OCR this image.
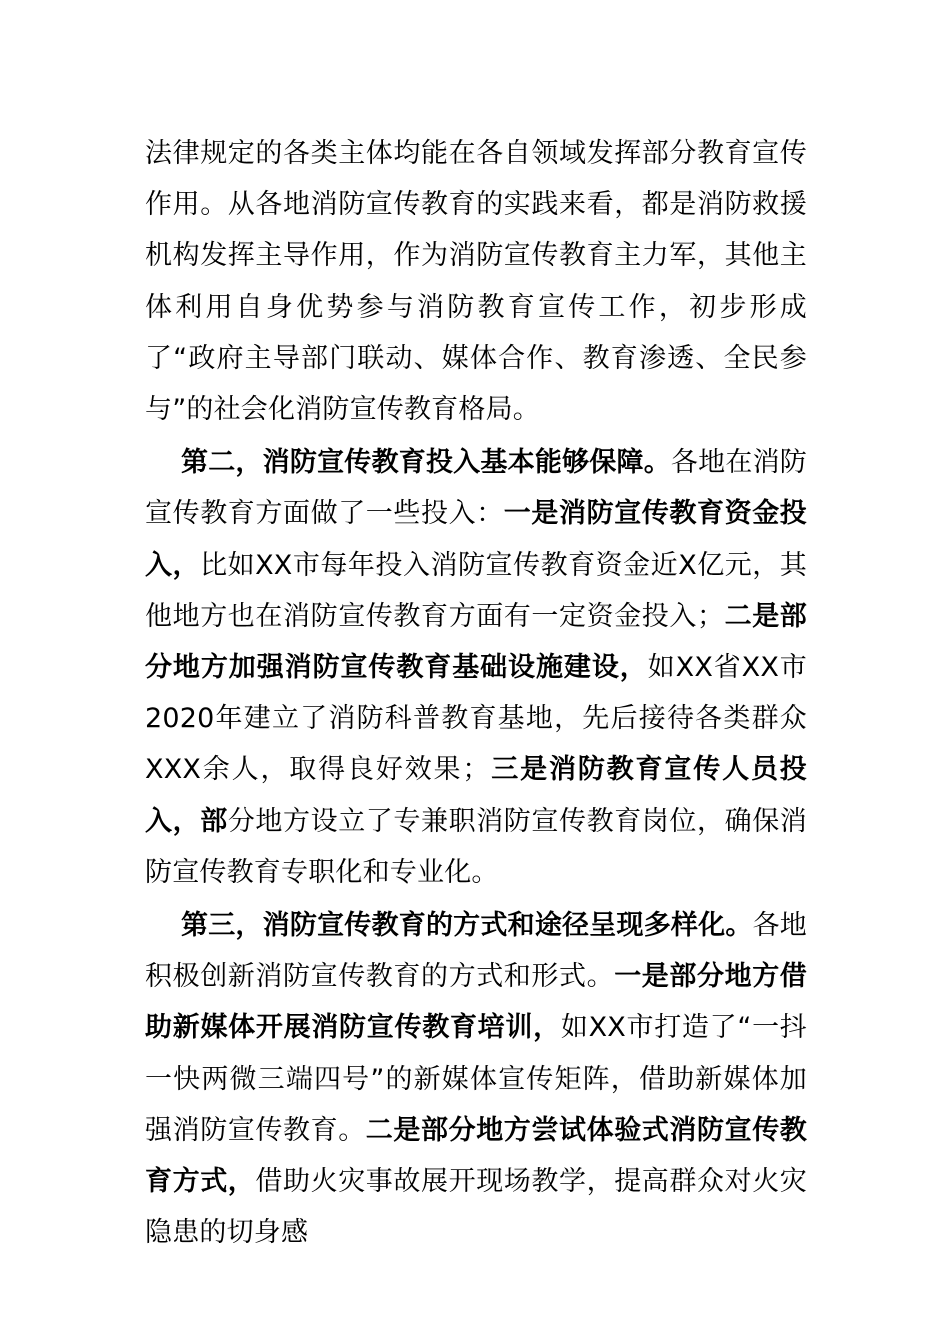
法律规定的各类主体均能在各自领域发挥部分教育宣传作用。从各地消防宣传教育的实践来看，都是消防救援机构发挥主导作用，作为消防宣传教育主力军，其他主体利用自身优势参与消防教育宣传工作，初步形成了“政府主导部门联动、媒体合作、教育渗透、全民参与”的社会化消防宣传教育格局。

第二，消防宣传教育投入基本能够保障。各地在消防宣传教育方面做了一些投入：一是消防宣传教育资金投入，比如XX市每年投入消防宣传教育资金近X亿元，其他地方也在消防宣传教育方面有一定资金投入；二是部分地方加强消防宣传教育基础设施建设，如XX省XX市2020年建立了消防科普教育基地，先后接待各类群众XXX余人，取得良好效果；三是消防教育宣传人员投入，部分地方设立了专兼职消防宣传教育岗位，确保消防宣传教育专职化和专业化。

第三，消防宣传教育的方式和途径呈现多样化。各地积极创新消防宣传教育的方式和形式。一是部分地方借助新媒体开展消防宣传教育培训，如XX市打造了“一抖一快两微三端四号”的新媒体宣传矩阵，借助新媒体加强消防宣传教育。二是部分地方尝试体验式消防宣传教育方式，借助火灾事故展开现场教学，提高群众对火灾隐患的切身感
